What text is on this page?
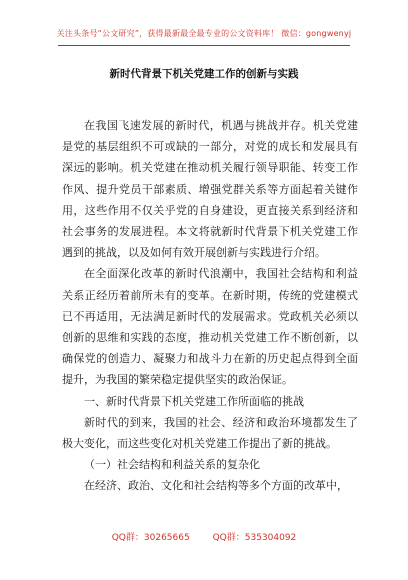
关注头条号“公文研究”，获得最新最全最专业的公文资料库！ 微信：gongwenyj
新时代背景下机关党建工作的创新与实践

在我国飞速发展的新时代，机遇与挑战并存。机关党建是党的基层组织不可或缺的一部分，对党的成长和发展具有深远的影响。机关党建在推动机关履行领导职能、转变工作作风、提升党员干部素质、增强党群关系等方面起着关键作用，这些作用不仅关乎党的自身建设，更直接关系到经济和社会事务的发展进程。本文将就新时代背景下机关党建工作遇到的挑战，以及如何有效开展创新与实践进行介绍。

在全面深化改革的新时代浪潮中，我国社会结构和利益关系正经历着前所未有的变革。在新时期，传统的党建模式已不再适用，无法满足新时代的发展需求。党政机关必须以创新的思维和实践的态度，推动机关党建工作不断创新，以确保党的创造力、凝聚力和战斗力在新的历史起点得到全面提升，为我国的繁荣稳定提供坚实的政治保证。

一、新时代背景下机关党建工作所面临的挑战

新时代的到来，我国的社会、经济和政治环境都发生了极大变化，而这些变化对机关党建工作提出了新的挑战。

（一）社会结构和利益关系的复杂化

在经济、政治、文化和社会结构等多个方面的改革中，

QQ群：30265665	QQ群：535304092
